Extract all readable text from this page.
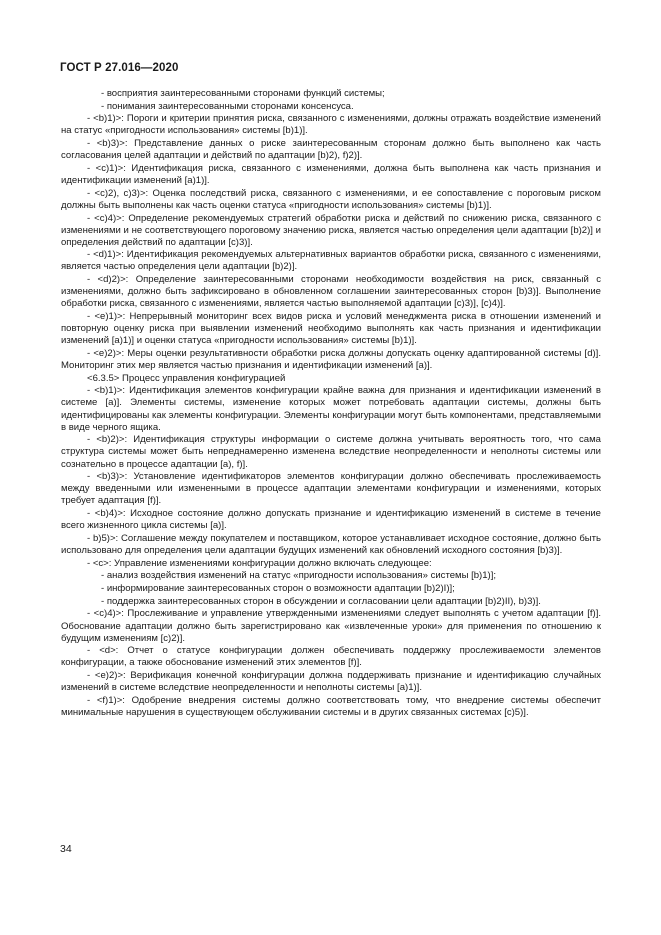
ГОСТ Р 27.016—2020

- восприятия заинтересованными сторонами функций системы;

- понимания заинтересованными сторонами консенсуса.

- <b)1)>: Пороги и критерии принятия риска, связанного с изменениями, должны отражать воздействие изменений на статус «пригодности использования» системы [b)1)].

- <b)3)>: Представление данных о риске заинтересованным сторонам должно быть выполнено как часть согласования целей адаптации и действий по адаптации [b)2), f)2)].

- <c)1)>: Идентификация риска, связанного с изменениями, должна быть выполнена как часть признания и идентификации изменений [a)1)].

- <c)2), c)3)>: Оценка последствий риска, связанного с изменениями, и ее сопоставление с пороговым риском должны быть выполнены как часть оценки статуса «пригодности использования» системы [b)1)].

- <c)4)>: Определение рекомендуемых стратегий обработки риска и действий по снижению риска, связанного с изменениями и не соответствующего пороговому значению риска, является частью определения цели адаптации [b)2)] и определения действий по адаптации [c)3)].

- <d)1)>: Идентификация рекомендуемых альтернативных вариантов обработки риска, связанного с изменениями, является частью определения цели адаптации [b)2)].

- <d)2)>: Определение заинтересованными сторонами необходимости воздействия на риск, связанный с изменениями, должно быть зафиксировано в обновленном соглашении заинтересованных сторон [b)3)]. Выполнение обработки риска, связанного с изменениями, является частью выполняемой адаптации [c)3)], [c)4)].

- <e)1)>: Непрерывный мониторинг всех видов риска и условий менеджмента риска в отношении изменений и повторную оценку риска при выявлении изменений необходимо выполнять как часть признания и идентификации изменений [a)1)] и оценки статуса «пригодности использования» системы [b)1)].

- <e)2)>: Меры оценки результативности обработки риска должны допускать оценку адаптированной системы [d)]. Мониторинг этих мер является частью признания и идентификации изменений [a)].

<6.3.5> Процесс управления конфигурацией

- <b)1)>: Идентификация элементов конфигурации крайне важна для признания и идентификации изменений в системе [a)]. Элементы системы, изменение которых может потребовать адаптации системы, должны быть идентифицированы как элементы конфигурации. Элементы конфигурации могут быть компонентами, представляемыми в виде черного ящика.

- <b)2)>: Идентификация структуры информации о системе должна учитывать вероятность того, что сама структура системы может быть непреднамеренно изменена вследствие неопределенности и неполноты системы или сознательно в процессе адаптации [a), f)].

- <b)3)>: Установление идентификаторов элементов конфигурации должно обеспечивать прослеживаемость между введенными или измененными в процессе адаптации элементами конфигурации и изменениями, которых требует адаптация [f)].

- <b)4)>: Исходное состояние должно допускать признание и идентификацию изменений в системе в течение всего жизненного цикла системы [a)].

- b)5)>: Соглашение между покупателем и поставщиком, которое устанавливает исходное состояние, должно быть использовано для определения цели адаптации будущих изменений как обновлений исходного состояния [b)3)].

- <c>: Управление изменениями конфигурации должно включать следующее:

- анализ воздействия изменений на статус «пригодности использования» системы [b)1)];

- информирование заинтересованных сторон о возможности адаптации [b)2)I)];

- поддержка заинтересованных сторон в обсуждении и согласовании цели адаптации [b)2)II), b)3)].

- <c)4)>: Прослеживание и управление утвержденными изменениями следует выполнять с учетом адаптации [f)]. Обоснование адаптации должно быть зарегистрировано как «извлеченные уроки» для применения по отношению к будущим изменениям [c)2)].

- <d>: Отчет о статусе конфигурации должен обеспечивать поддержку прослеживаемости элементов конфигурации, а также обоснование изменений этих элементов [f)].

- <e)2)>: Верификация конечной конфигурации должна поддерживать признание и идентификацию случайных изменений в системе вследствие неопределенности и неполноты системы [a)1)].

- <f)1)>: Одобрение внедрения системы должно соответствовать тому, что внедрение системы обеспечит минимальные нарушения в существующем обслуживании системы и в других связанных системах [c)5)].

34
